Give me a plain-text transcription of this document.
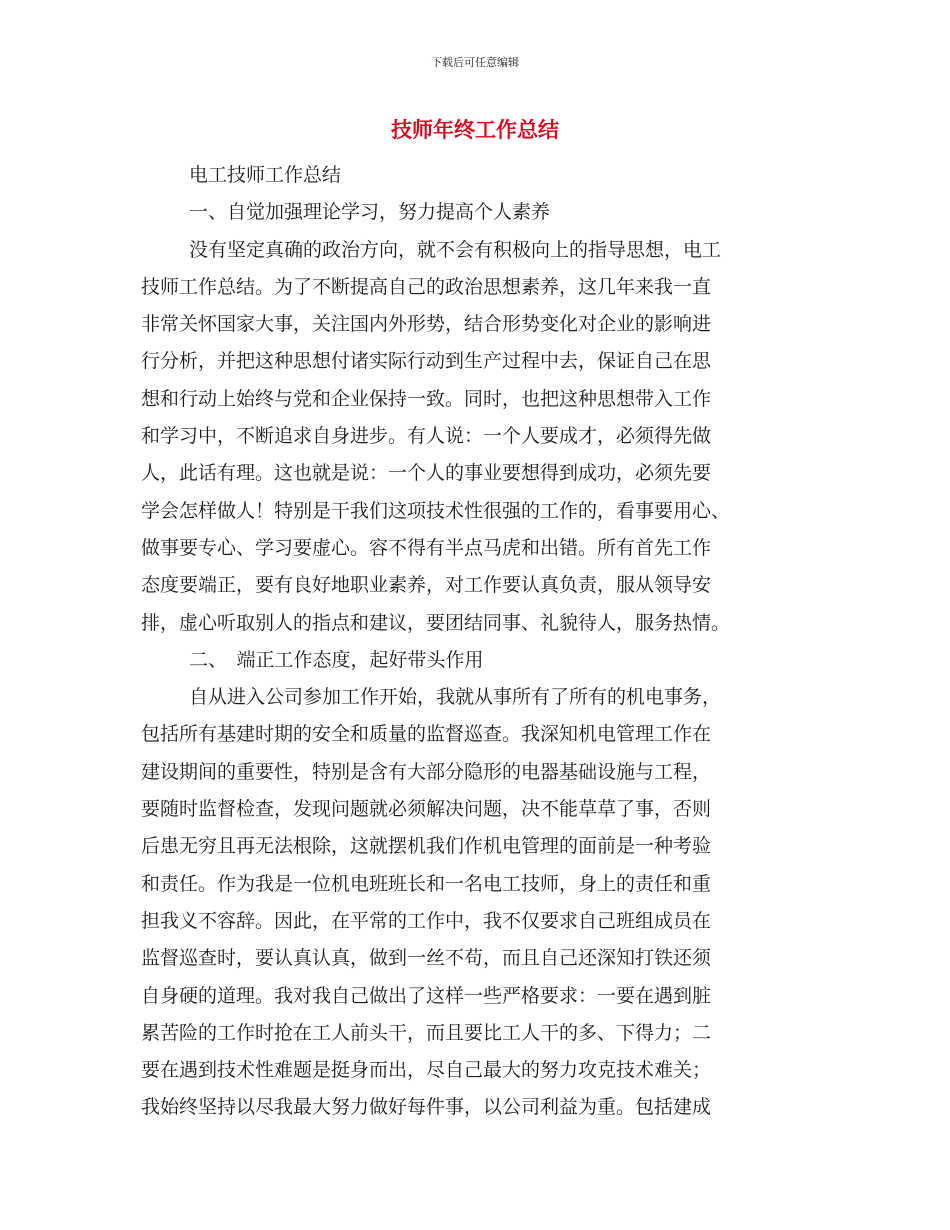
下载后可任意编辑
技师年终工作总结
电工技师工作总结
一、自觉加强理论学习，努力提高个人素养
没有坚定真确的政治方向，就不会有积极向上的指导思想，电工
技师工作总结。为了不断提高自己的政治思想素养，这几年来我一直
非常关怀国家大事，关注国内外形势，结合形势变化对企业的影响进
行分析，并把这种思想付诸实际行动到生产过程中去，保证自己在思
想和行动上始终与党和企业保持一致。同时，也把这种思想带入工作
和学习中，不断追求自身进步。有人说：一个人要成才，必须得先做
人，此话有理。这也就是说：一个人的事业要想得到成功，必须先要
学会怎样做人！特别是干我们这项技术性很强的工作的，看事要用心、
做事要专心、学习要虚心。容不得有半点马虎和出错。所有首先工作
态度要端正，要有良好地职业素养，对工作要认真负责，服从领导安
排，虚心听取别人的指点和建议，要团结同事、礼貌待人，服务热情。
二、　端正工作态度，起好带头作用
自从进入公司参加工作开始，我就从事所有了所有的机电事务，
包括所有基建时期的安全和质量的监督巡查。我深知机电管理工作在
建设期间的重要性，特别是含有大部分隐形的电器基础设施与工程，
要随时监督检查，发现问题就必须解决问题，决不能草草了事，否则
后患无穷且再无法根除，这就摆机我们作机电管理的面前是一种考验
和责任。作为我是一位机电班班长和一名电工技师，身上的责任和重
担我义不容辞。因此，在平常的工作中，我不仅要求自己班组成员在
监督巡查时，要认真认真，做到一丝不苟，而且自己还深知打铁还须
自身硬的道理。我对我自己做出了这样一些严格要求：一要在遇到脏
累苦险的工作时抢在工人前头干，而且要比工人干的多、下得力；二
要在遇到技术性难题是挺身而出，尽自己最大的努力攻克技术难关；
我始终坚持以尽我最大努力做好每件事，以公司利益为重。包括建成
